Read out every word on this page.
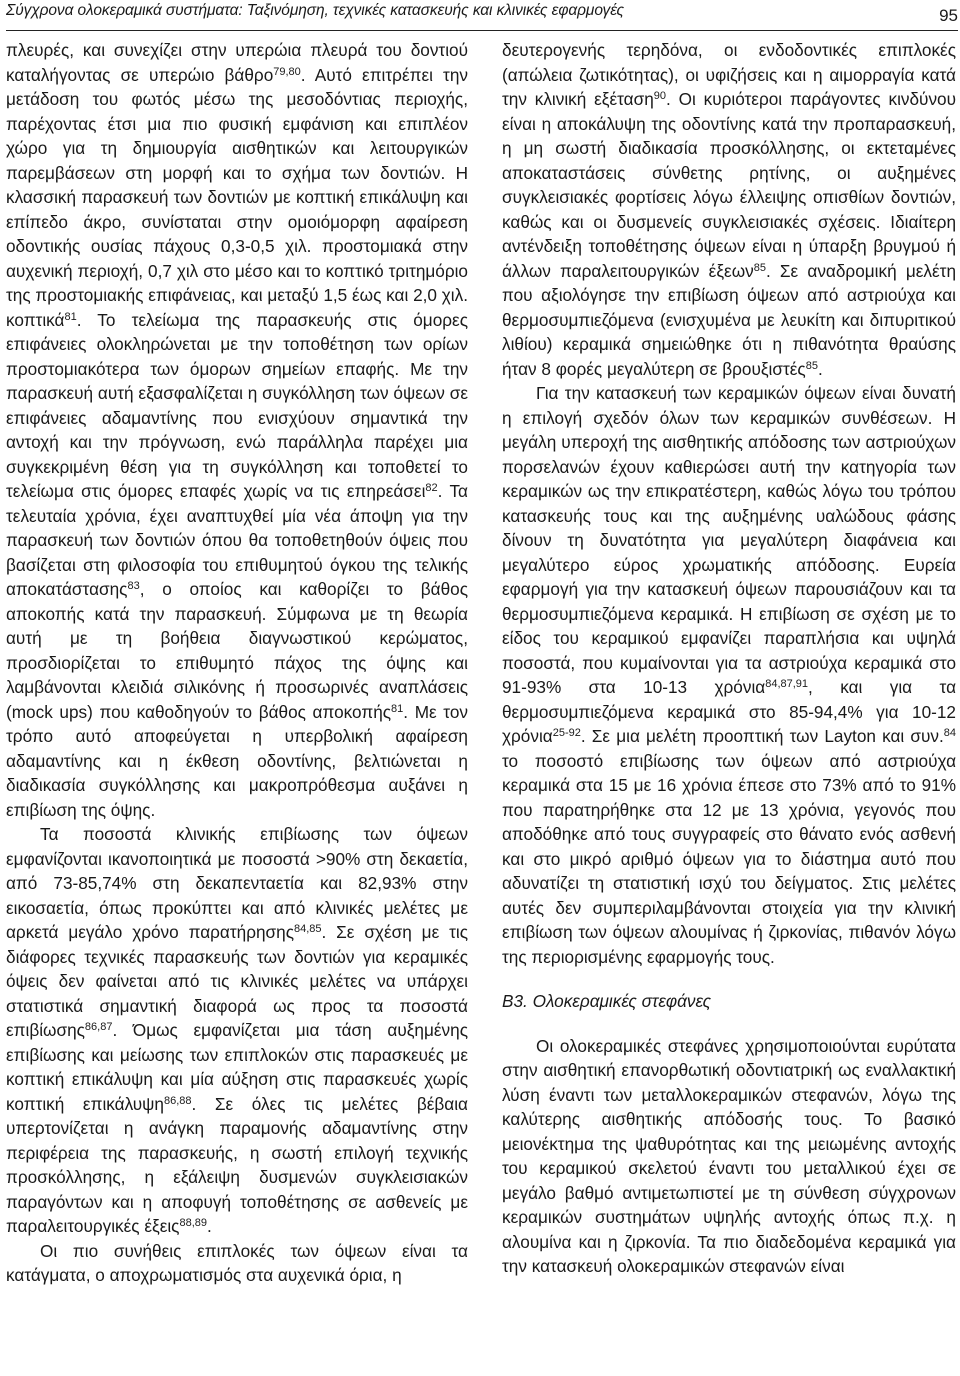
Σύγχρονα ολοκεραμικά συστήματα: Ταξινόμηση, τεχνικές κατασκευής και κλινικές εφαρμογές	95

πλευρές, και συνεχίζει στην υπερώια πλευρά του δοντιού καταλήγοντας σε υπερώιο βάθρο$^{79,80}$. Αυτό επιτρέπει την μετάδοση του φωτός μέσω της μεσοδόντιας περιοχής, παρέχοντας έτσι μια πιο φυσική εμφάνιση και επιπλέον χώρο για τη δημιουργία αισθητικών και λειτουργικών παρεμβάσεων στη μορφή και το σχήμα των δοντιών. Η κλασσική παρασκευή των δοντιών με κοπτική επικάλυψη και επίπεδο άκρο, συνίσταται στην ομοιόμορφη αφαίρεση οδοντικής ουσίας πάχους 0,3-0,5 χιλ. προστομιακά στην αυχενική περιοχή, 0,7 χιλ στο μέσο και το κοπτικό τριτημόριο της προστομιακής επιφάνειας, και μεταξύ 1,5 έως και 2,0 χιλ. κοπτικά$^{81}$. Το τελείωμα της παρασκευής στις όμορες επιφάνειες ολοκληρώνεται με την τοποθέτηση των ορίων προστομιακότερα των όμορων σημείων επαφής. Με την παρασκευή αυτή εξασφαλίζεται η συγκόλληση των όψεων σε επιφάνειες αδαμαντίνης που ενισχύουν σημαντικά την αντοχή και την πρόγνωση, ενώ παράλληλα παρέχει μια συγκεκριμένη θέση για τη συγκόλληση και τοποθετεί το τελείωμα στις όμορες επαφές χωρίς να τις επηρεάσει$^{82}$. Τα τελευταία χρόνια, έχει αναπτυχθεί μία νέα άποψη για την παρασκευή των δοντιών όπου θα τοποθετηθούν όψεις που βασίζεται στη φιλοσοφία του επιθυμητού όγκου της τελικής αποκατάστασης$^{83}$, ο οποίος και καθορίζει το βάθος αποκοπής κατά την παρασκευή. Σύμφωνα με τη θεωρία αυτή με τη βοήθεια διαγνωστικού κερώματος, προσδιορίζεται το επιθυμητό πάχος της όψης και λαμβάνονται κλειδιά σιλικόνης ή προσωρινές αναπλάσεις (mock ups) που καθοδηγούν το βάθος αποκοπής$^{81}$. Με τον τρόπο αυτό αποφεύγεται η υπερβολική αφαίρεση αδαμαντίνης και η έκθεση οδοντίνης, βελτιώνεται η διαδικασία συγκόλλησης και μακροπρόθεσμα αυξάνει η επιβίωση της όψης.

Τα ποσοστά κλινικής επιβίωσης των όψεων εμφανίζονται ικανοποιητικά με ποσοστά >90% στη δεκαετία, από 73-85,74% στη δεκαπενταετία και 82,93% στην εικοσαετία, όπως προκύπτει και από κλινικές μελέτες με αρκετά μεγάλο χρόνο παρατήρησης$^{84,85}$. Σε σχέση με τις διάφορες τεχνικές παρασκευής των δοντιών για κεραμικές όψεις δεν φαίνεται από τις κλινικές μελέτες να υπάρχει στατιστικά σημαντική διαφορά ως προς τα ποσοστά επιβίωσης$^{86,87}$. Όμως εμφανίζεται μια τάση αυξημένης επιβίωσης και μείωσης των επιπλοκών στις παρασκευές με κοπτική επικάλυψη και μία αύξηση στις παρασκευές χωρίς κοπτική επικάλυψη$^{86,88}$. Σε όλες τις μελέτες βέβαια υπερτονίζεται η ανάγκη παραμονής αδαμαντίνης στην περιφέρεια της παρασκευής, η σωστή επιλογή τεχνικής προσκόλλησης, η εξάλειψη δυσμενών συγκλεισιακών παραγόντων και η αποφυγή τοποθέτησης σε ασθενείς με παραλειτουργικές έξεις$^{88,89}$.

Οι πιο συνήθεις επιπλοκές των όψεων είναι τα κατάγματα, ο αποχρωματισμός στα αυχενικά όρια, η

δευτερογενής τερηδόνα, οι ενδοδοντικές επιπλοκές (απώλεια ζωτικότητας), οι υφιζήσεις και η αιμορραγία κατά την κλινική εξέταση$^{90}$. Οι κυριότεροι παράγοντες κινδύνου είναι η αποκάλυψη της οδοντίνης κατά την προπαρασκευή, η μη σωστή διαδικασία προσκόλλησης, οι εκτεταμένες αποκαταστάσεις σύνθετης ρητίνης, οι αυξημένες συγκλεισιακές φορτίσεις λόγω έλλειψης οπισθίων δοντιών, καθώς και οι δυσμενείς συγκλεισιακές σχέσεις. Ιδιαίτερη αντένδειξη τοποθέτησης όψεων είναι η ύπαρξη βρυγμού ή άλλων παραλειτουργικών έξεων$^{85}$. Σε αναδρομική μελέτη που αξιολόγησε την επιβίωση όψεων από αστριούχα και θερμοσυμπιεζόμενα (ενισχυμένα με λευκίτη και διπυριτικού λιθίου) κεραμικά σημειώθηκε ότι η πιθανότητα θραύσης ήταν 8 φορές μεγαλύτερη σε βρουξιστές$^{85}$.

Για την κατασκευή των κεραμικών όψεων είναι δυνατή η επιλογή σχεδόν όλων των κεραμικών συνθέσεων. Η μεγάλη υπεροχή της αισθητικής απόδοσης των αστριούχων πορσελανών έχουν καθιερώσει αυτή την κατηγορία των κεραμικών ως την επικρατέστερη, καθώς λόγω του τρόπου κατασκευής τους και της αυξημένης υαλώδους φάσης δίνουν τη δυνατότητα για μεγαλύτερη διαφάνεια και μεγαλύτερο εύρος χρωματικής απόδοσης. Ευρεία εφαρμογή για την κατασκευή όψεων παρουσιάζουν και τα θερμοσυμπιεζόμενα κεραμικά. Η επιβίωση σε σχέση με το είδος του κεραμικού εμφανίζει παραπλήσια και υψηλά ποσοστά, που κυμαίνονται για τα αστριούχα κεραμικά στο 91-93% στα 10-13 χρόνια$^{84,87,91}$, και για τα θερμοσυμπιεζόμενα κεραμικά στο 85-94,4% για 10-12 χρόνια$^{25-92}$. Σε μια μελέτη προοπτική των Layton και συν.$^{84}$ το ποσοστό επιβίωσης των όψεων από αστριούχα κεραμικά στα 15 με 16 χρόνια έπεσε στο 73% από το 91% που παρατηρήθηκε στα 12 με 13 χρόνια, γεγονός που αποδόθηκε από τους συγγραφείς στο θάνατο ενός ασθενή και στο μικρό αριθμό όψεων για το διάστημα αυτό που αδυνατίζει τη στατιστική ισχύ του δείγματος. Στις μελέτες αυτές δεν συμπεριλαμβάνονται στοιχεία για την κλινική επιβίωση των όψεων αλουμίνας ή ζιρκονίας, πιθανόν λόγω της περιορισμένης εφαρμογής τους.

Β3. Ολοκεραμικές στεφάνες

Οι ολοκεραμικές στεφάνες χρησιμοποιούνται ευρύτατα στην αισθητική επανορθωτική οδοντιατρική ως εναλλακτική λύση έναντι των μεταλλοκεραμικών στεφανών, λόγω της καλύτερης αισθητικής απόδοσής τους. Το βασικό μειονέκτημα της ψαθυρότητας και της μειωμένης αντοχής του κεραμικού σκελετού έναντι του μεταλλικού έχει σε μεγάλο βαθμό αντιμετωπιστεί με τη σύνθεση σύγχρονων κεραμικών συστημάτων υψηλής αντοχής όπως π.χ. η αλουμίνα και η ζιρκονία. Τα πιο διαδεδομένα κεραμικά για την κατασκευή ολοκεραμικών στεφανών είναι
